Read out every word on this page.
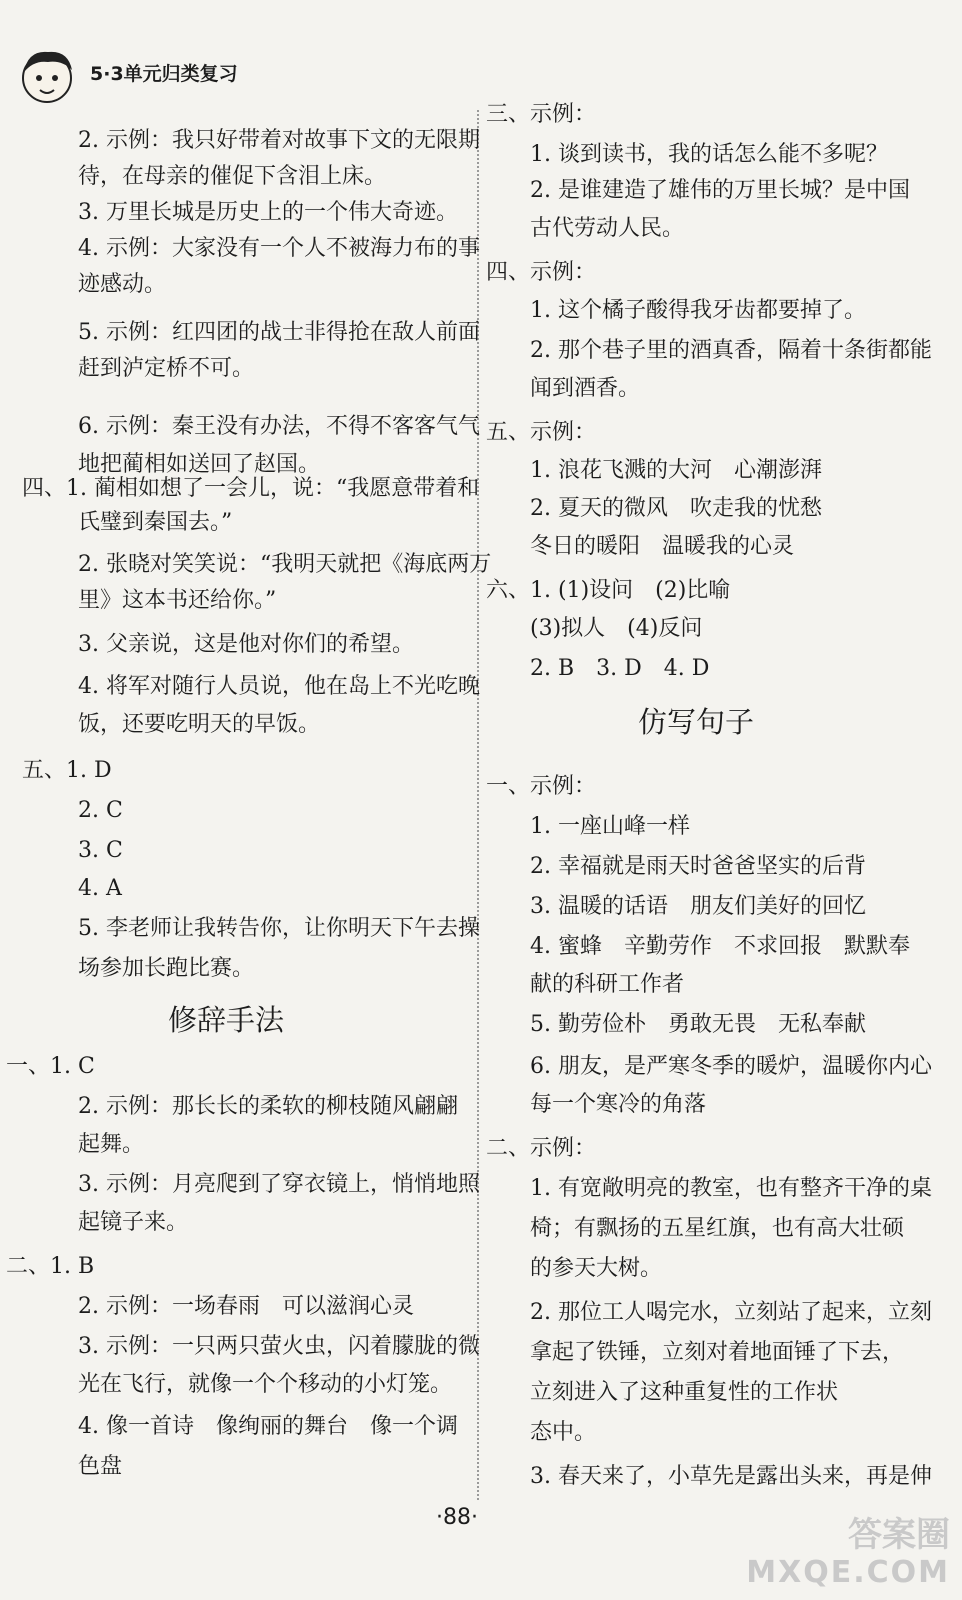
5·3单元归类复习
2. 示例：我只好带着对故事下文的无限期
待，在母亲的催促下含泪上床。
3. 万里长城是历史上的一个伟大奇迹。
4. 示例：大家没有一个人不被海力布的事
迹感动。
5. 示例：红四团的战士非得抢在敌人前面
赶到泸定桥不可。
6. 示例：秦王没有办法，不得不客客气气
地把蔺相如送回了赵国。
四、1. 蔺相如想了一会儿，说：“我愿意带着和
氏璧到秦国去。”
2. 张晓对笑笑说：“我明天就把《海底两万
里》这本书还给你。”
3. 父亲说，这是他对你们的希望。
4. 将军对随行人员说，他在岛上不光吃晚
饭，还要吃明天的早饭。
五、1. D
2. C
3. C
4. A
5. 李老师让我转告你，让你明天下午去操
场参加长跑比赛。
修辞手法
一、1. C
2. 示例：那长长的柔软的柳枝随风翩翩
起舞。
3. 示例：月亮爬到了穿衣镜上，悄悄地照
起镜子来。
二、1. B
2. 示例：一场春雨　可以滋润心灵
3. 示例：一只两只萤火虫，闪着朦胧的微
光在飞行，就像一个个移动的小灯笼。
4. 像一首诗　像绚丽的舞台　像一个调
色盘
三、示例：
1. 谈到读书，我的话怎么能不多呢？
2. 是谁建造了雄伟的万里长城？是中国
古代劳动人民。
四、示例：
1. 这个橘子酸得我牙齿都要掉了。
2. 那个巷子里的酒真香，隔着十条街都能
闻到酒香。
五、示例：
1. 浪花飞溅的大河　心潮澎湃
2. 夏天的微风　吹走我的忧愁
冬日的暖阳　温暖我的心灵
六、1. (1)设问　(2)比喻
(3)拟人　(4)反问
2. B　3. D　4. D
仿写句子
一、示例：
1. 一座山峰一样
2. 幸福就是雨天时爸爸坚实的后背
3. 温暖的话语　朋友们美好的回忆
4. 蜜蜂　辛勤劳作　不求回报　默默奉
献的科研工作者
5. 勤劳俭朴　勇敢无畏　无私奉献
6. 朋友，是严寒冬季的暖炉，温暖你内心
每一个寒冷的角落
二、示例：
1. 有宽敞明亮的教室，也有整齐干净的桌
椅；有飘扬的五星红旗，也有高大壮硕
的参天大树。
2. 那位工人喝完水，立刻站了起来，立刻
拿起了铁锤，立刻对着地面锤了下去，
立刻进入了这种重复性的工作状
态中。
3. 春天来了，小草先是露出头来，再是伸
·88·	答案圈
MXQE.COM
